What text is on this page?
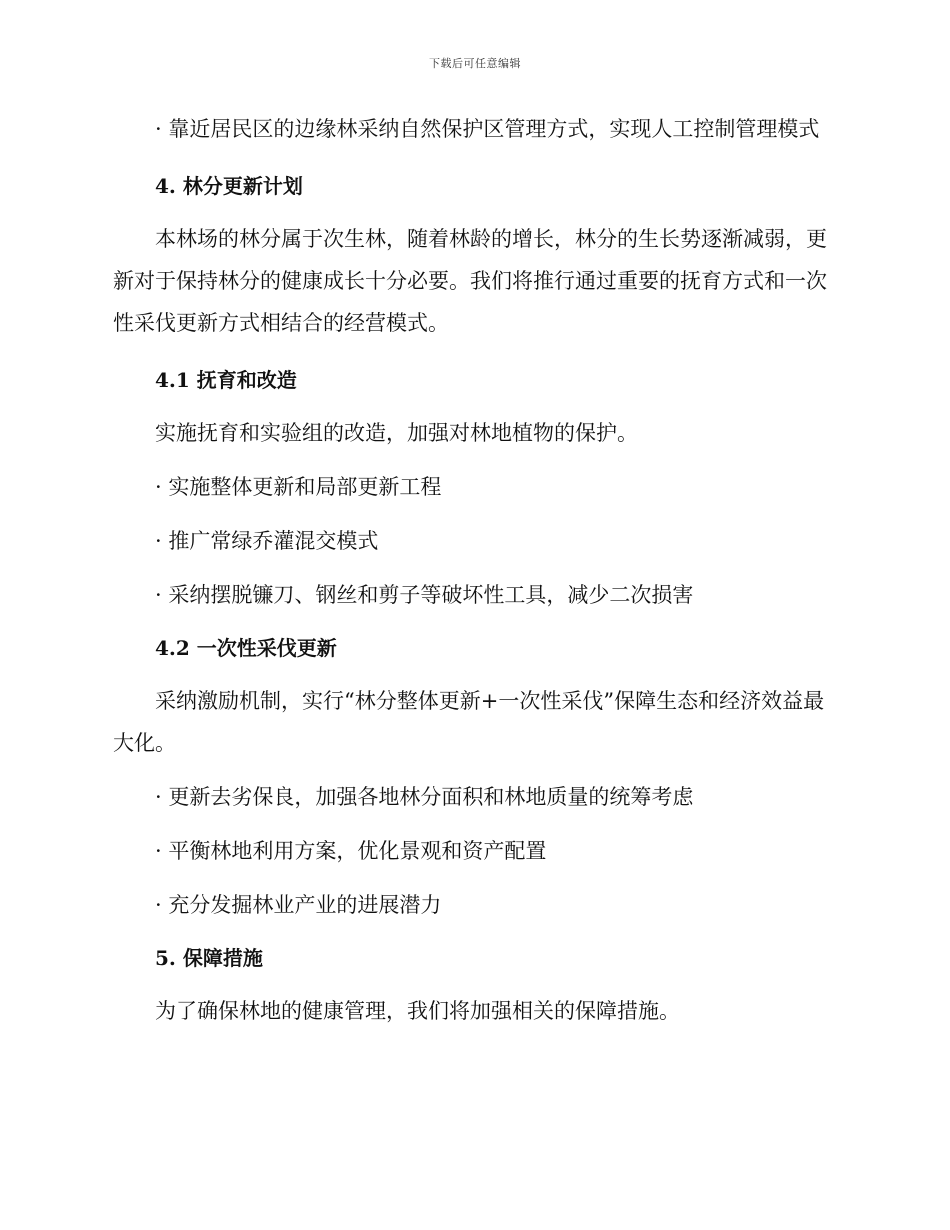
下载后可任意编辑

· 靠近居民区的边缘林采纳自然保护区管理方式，实现人工控制管理模式

4. 林分更新计划

本林场的林分属于次生林，随着林龄的增长，林分的生长势逐渐减弱，更新对于保持林分的健康成长十分必要。我们将推行通过重要的抚育方式和一次性采伐更新方式相结合的经营模式。

4.1 抚育和改造

实施抚育和实验组的改造，加强对林地植物的保护。

· 实施整体更新和局部更新工程

· 推广常绿乔灌混交模式

· 采纳摆脱镰刀、钢丝和剪子等破坏性工具，减少二次损害

4.2 一次性采伐更新

采纳激励机制，实行“林分整体更新+一次性采伐”保障生态和经济效益最大化。

· 更新去劣保良，加强各地林分面积和林地质量的统筹考虑

· 平衡林地利用方案，优化景观和资产配置

· 充分发掘林业产业的进展潜力

5. 保障措施

为了确保林地的健康管理，我们将加强相关的保障措施。
